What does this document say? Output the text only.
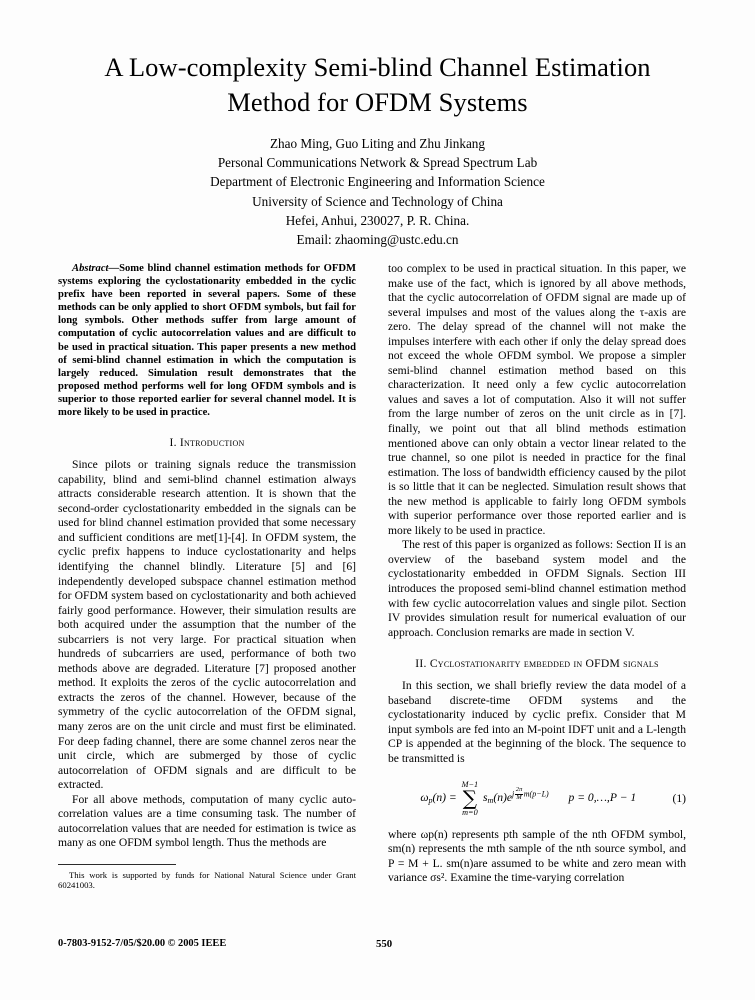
A Low-complexity Semi-blind Channel Estimation
Method for OFDM Systems
Zhao Ming, Guo Liting and Zhu Jinkang
Personal Communications Network & Spread Spectrum Lab
Department of Electronic Engineering and Information Science
University of Science and Technology of China
Hefei, Anhui, 230027, P. R. China.
Email: zhaoming@ustc.edu.cn

Abstract—Some blind channel estimation methods for OFDM systems exploring the cyclostationarity embedded in the cyclic prefix have been reported in several papers. Some of these methods can be only applied to short OFDM symbols, but fail for long symbols. Other methods suffer from large amount of computation of cyclic autocorrelation values and are difficult to be used in practical situation. This paper presents a new method of semi-blind channel estimation in which the computation is largely reduced. Simulation result demonstrates that the proposed method performs well for long OFDM symbols and is superior to those reported earlier for several channel model. It is more likely to be used in practice.

I. Introduction

Since pilots or training signals reduce the transmission capability, blind and semi-blind channel estimation always attracts considerable research attention. It is shown that the second-order cyclostationarity embedded in the signals can be used for blind channel estimation provided that some necessary and sufficient conditions are met[1]-[4]. In OFDM system, the cyclic prefix happens to induce cyclostationarity and helps identifying the channel blindly. Literature [5] and [6] independently developed subspace channel estimation method for OFDM system based on cyclostationarity and both achieved fairly good performance. However, their simulation results are both acquired under the assumption that the number of the subcarriers is not very large. For practical situation when hundreds of subcarriers are used, performance of both two methods above are degraded. Literature [7] proposed another method. It exploits the zeros of the cyclic autocorrelation and extracts the zeros of the channel. However, because of the symmetry of the cyclic autocorrelation of the OFDM signal, many zeros are on the unit circle and must first be eliminated. For deep fading channel, there are some channel zeros near the unit circle, which are submerged by those of cyclic autocorrelation of OFDM signals and are difficult to be extracted.

For all above methods, computation of many cyclic auto-correlation values are a time consuming task. The number of autocorrelation values that are needed for estimation is twice as many as one OFDM symbol length. Thus the methods are

This work is supported by funds for National Natural Science under Grant 60241003.

too complex to be used in practical situation. In this paper, we make use of the fact, which is ignored by all above methods, that the cyclic autocorrelation of OFDM signal are made up of several impulses and most of the values along the τ-axis are zero. The delay spread of the channel will not make the impulses interfere with each other if only the delay spread does not exceed the whole OFDM symbol. We propose a simpler semi-blind channel estimation method based on this characterization. It need only a few cyclic autocorrelation values and saves a lot of computation. Also it will not suffer from the large number of zeros on the unit circle as in [7]. finally, we point out that all blind methods estimation mentioned above can only obtain a vector linear related to the true channel, so one pilot is needed in practice for the final estimation. The loss of bandwidth efficiency caused by the pilot is so little that it can be neglected. Simulation result shows that the new method is applicable to fairly long OFDM symbols with superior performance over those reported earlier and is more likely to be used in practice.

The rest of this paper is organized as follows: Section II is an overview of the baseband system model and the cyclostationarity embedded in OFDM Signals. Section III introduces the proposed semi-blind channel estimation method with few cyclic autocorrelation values and single pilot. Section IV provides simulation result for numerical evaluation of our approach. Conclusion remarks are made in section V.

II. Cyclostationarity embedded in OFDM signals

In this section, we shall briefly review the data model of a baseband discrete-time OFDM systems and the cyclostationarity induced by cyclic prefix. Consider that M input symbols are fed into an M-point IDFT unit and a L-length CP is appended at the beginning of the block. The sequence to be transmitted is

$\omega_p(n)$ =
M−1
∑
m=0
$s_m(n)ej \frac{2\pi}{M} m(p-L) p$ = 0,…,P − 1	(1)

where ωp(n) represents pth sample of the nth OFDM symbol, sm(n) represents the mth sample of the nth source symbol, and P = M + L. sm(n)are assumed to be white and zero mean with variance σs². Examine the time-varying correlation

0-7803-9152-7/05/$20.00 © 2005 IEEE	550
